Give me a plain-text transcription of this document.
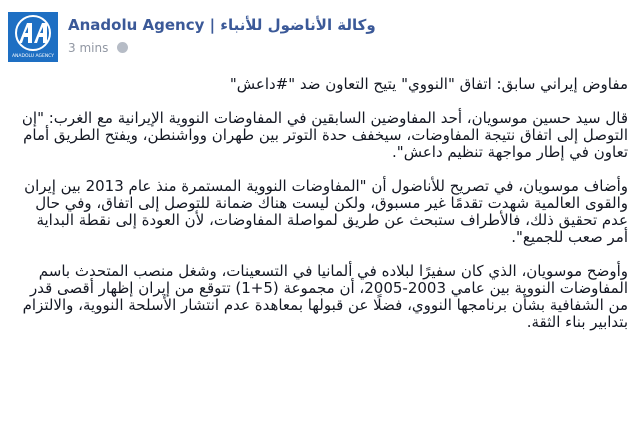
ANADOLU AGENCY
Anadolu Agency | وكالة الأناضول للأنباء
3 mins

مفاوض إيراني سابق: اتفاق "النووي" يتيح التعاون ضد "#داعش"

قال سيد حسين موسويان، أحد المفاوضين السابقين في المفاوضات النووية الإيرانية مع الغرب: "إن التوصل إلى اتفاق نتيجة المفاوضات، سيخفف حدة التوتر بين طهران وواشنطن، ويفتح الطريق أمام تعاون في إطار مواجهة تنظيم داعش".

وأضاف موسويان، في تصريح للأناضول أن "المفاوضات النووية المستمرة منذ عام 2013 بين إيران والقوى العالمية شهدت تقدمًا غير مسبوق، ولكن ليست هناك ضمانة للتوصل إلى اتفاق، وفي حال عدم تحقيق ذلك، فالأطراف ستبحث عن طريق لمواصلة المفاوضات، لأن العودة إلى نقطة البداية أمر صعب للجميع".

وأوضح موسويان، الذي كان سفيرًا لبلاده في ألمانيا في التسعينات، وشغل منصب المتحدث باسم المفاوضات النووية بين عامي 2003-2005، أن مجموعة (5+1) تتوقع من إيران إظهار أقصى قدر من الشفافية بشأن برنامجها النووي، فضلًا عن قبولها بمعاهدة عدم انتشار الأسلحة النووية، والالتزام بتدابير بناء الثقة.
